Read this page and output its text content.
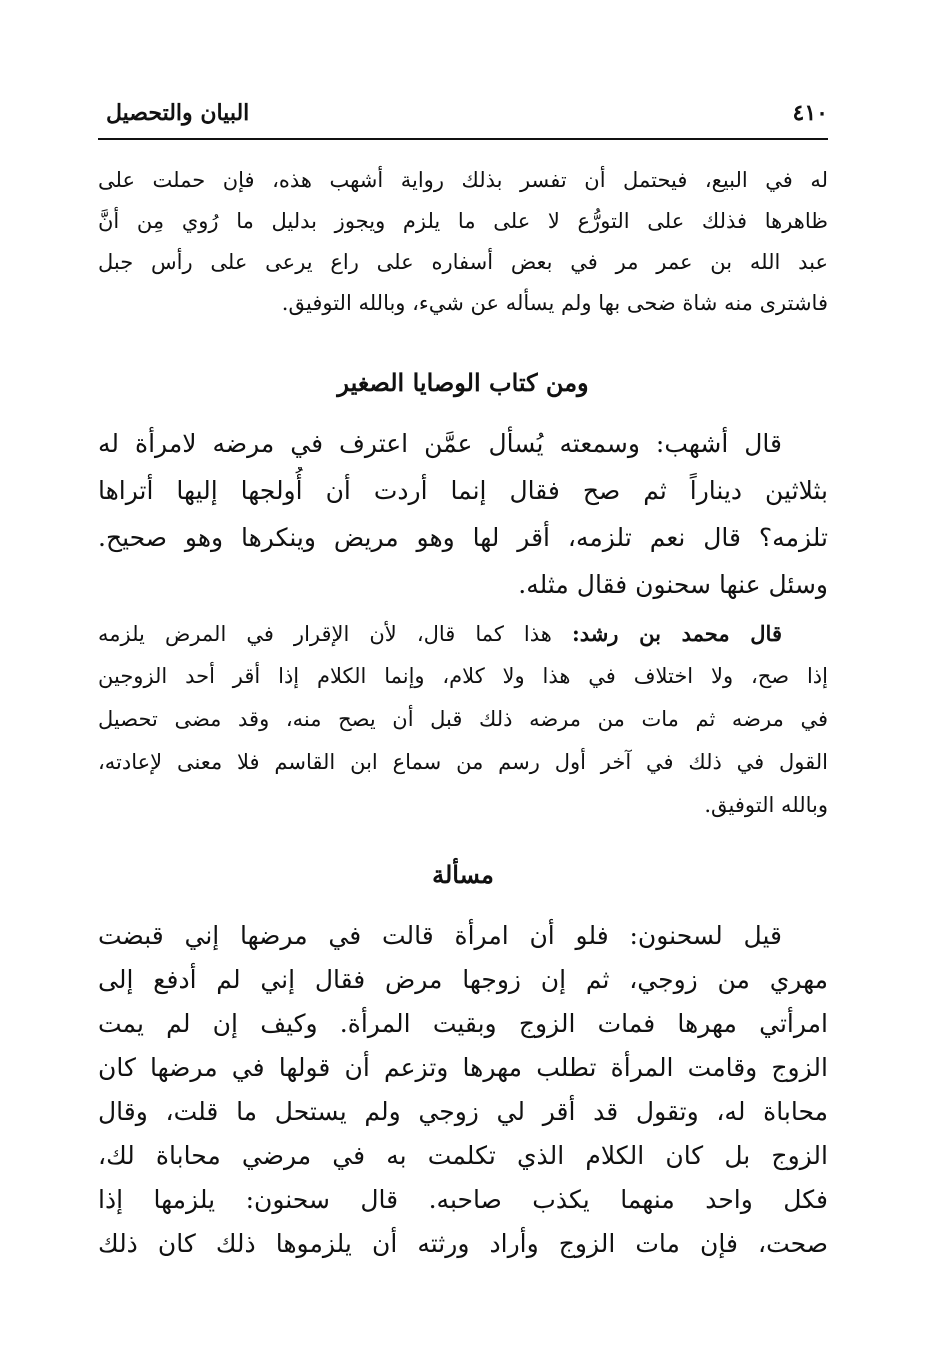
٤١٠
البيان والتحصيل
له في البيع، فيحتمل أن تفسر بذلك رواية أشهب هذه، فإن حملت على
ظاهرها فذلك على التورُّع لا على ما يلزم ويجوز بدليل ما رُوي مِن أنَّ
عبد الله بن عمر مر في بعض أسفاره على راع يرعى على رأس جبل
فاشترى منه شاة ضحى بها ولم يسأله عن شيء، وبالله التوفيق.
ومن كتاب الوصايا الصغير
قال أشهب: وسمعته يُسأل عمَّن اعترف في مرضه لامرأة له
بثلاثين ديناراً ثم صح فقال إنما أردت أن أُولجها إليها أتراها
تلزمه؟ قال نعم تلزمه، أقر لها وهو مريض وينكرها وهو صحيح.
وسئل عنها سحنون فقال مثله.
قال محمد بن رشد: هذا كما قال، لأن الإقرار في المرض يلزمه
إذا صح، ولا اختلاف في هذا ولا كلام، وإنما الكلام إذا أقر أحد الزوجين
في مرضه ثم مات من مرضه ذلك قبل أن يصح منه، وقد مضى تحصيل
القول في ذلك في آخر أول رسم من سماع ابن القاسم فلا معنى لإعادته،
وبالله التوفيق.
مسألة
قيل لسحنون: فلو أن امرأة قالت في مرضها إني قبضت
مهري من زوجي، ثم إن زوجها مرض فقال إني لم أدفع إلى
امرأتي مهرها فمات الزوج وبقيت المرأة. وكيف إن لم يمت
الزوج وقامت المرأة تطلب مهرها وتزعم أن قولها في مرضها كان
محاباة له، وتقول قد أقر لي زوجي ولم يستحل ما قلت، وقال
الزوج بل كان الكلام الذي تكلمت به في مرضي محاباة لك،
فكل واحد منهما يكذب صاحبه. قال سحنون: يلزمها إذا
صحت، فإن مات الزوج وأراد ورثته أن يلزموها ذلك كان ذلك
